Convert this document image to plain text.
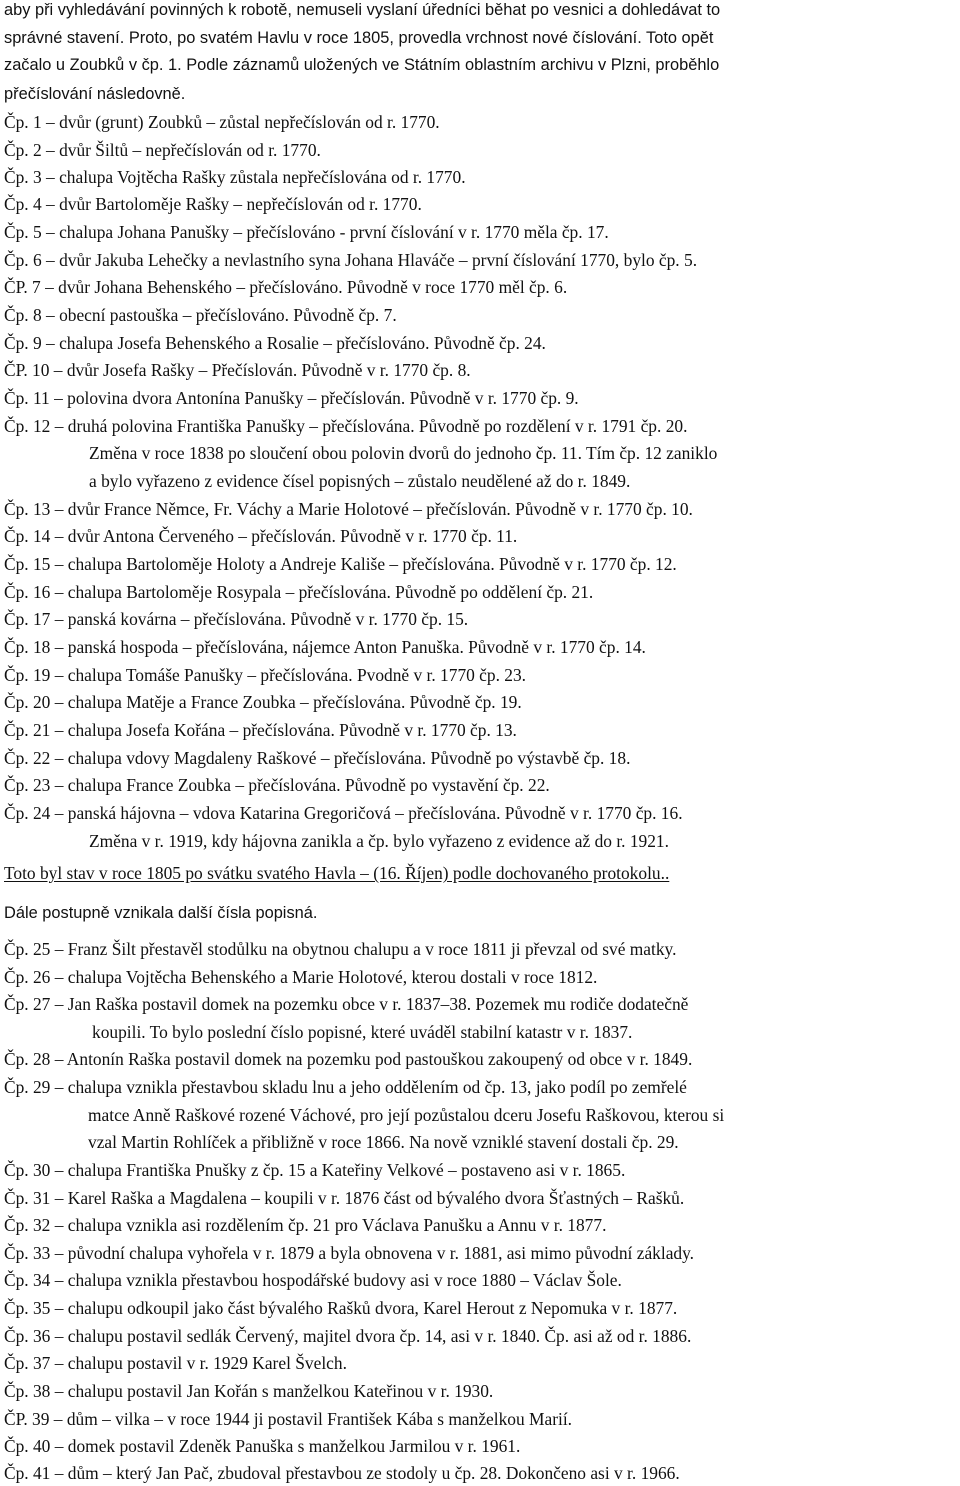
aby při vyhledávání povinných k robotě, nemuseli vyslaní úředníci běhat po vesnici a dohledávat to
správné stavení. Proto, po svatém Havlu v roce 1805, provedla vrchnost nové číslování. Toto opět
začalo u Zoubků v čp. 1. Podle záznamů uložených ve Státním oblastním archivu v Plzni, proběhlo
přečíslování následovně.
Čp. 1 – dvůr (grunt) Zoubků – zůstal nepřečíslován od r. 1770.
Čp. 2 – dvůr Šiltů – nepřečíslován od r. 1770.
Čp. 3 – chalupa Vojtěcha Rašky zůstala nepřečíslována od r. 1770.
Čp. 4 – dvůr Bartoloměje Rašky – nepřečíslován od r. 1770.
Čp. 5 – chalupa Johana Panušky – přečíslováno - první číslování v r. 1770 měla čp. 17.
Čp. 6 – dvůr Jakuba Lehečky a nevlastního syna Johana Hlaváče – první číslování 1770, bylo čp. 5.
ČP. 7 – dvůr Johana Behenského – přečíslováno. Původně v roce 1770 měl čp. 6.
Čp. 8 – obecní pastouška – přečíslováno. Původně čp. 7.
Čp. 9 – chalupa Josefa Behenského a Rosalie – přečíslováno. Původně čp. 24.
ČP. 10 – dvůr Josefa Rašky – Přečíslován. Původně v r. 1770 čp. 8.
Čp. 11 – polovina dvora Antonína Panušky – přečíslován. Původně v r. 1770 čp. 9.
Čp. 12 – druhá polovina Františka Panušky – přečíslována. Původně po rozdělení v r. 1791 čp. 20.
Změna v roce 1838 po sloučení obou polovin dvorů do jednoho čp. 11. Tím čp. 12 zaniklo
a bylo vyřazeno z evidence čísel popisných – zůstalo neudělené až do r. 1849.
Čp. 13 – dvůr France Němce, Fr. Váchy a Marie Holotové – přečíslován. Původně v r. 1770 čp. 10.
Čp. 14 – dvůr Antona Červeného – přečíslován. Původně v r. 1770 čp. 11.
Čp. 15 – chalupa Bartoloměje Holoty a Andreje Kališe – přečíslována. Původně v r. 1770 čp. 12.
Čp. 16 – chalupa Bartoloměje Rosypala – přečíslována. Původně po oddělení čp. 21.
Čp. 17 – panská kovárna – přečíslována. Původně v r. 1770 čp. 15.
Čp. 18 – panská hospoda – přečíslována, nájemce Anton Panuška. Původně v r. 1770 čp. 14.
Čp. 19 – chalupa Tomáše Panušky – přečíslována. Pvodně v r. 1770 čp. 23.
Čp. 20 – chalupa Matěje a France Zoubka – přečíslována. Původně čp. 19.
Čp. 21 – chalupa Josefa Kořána – přečíslována. Původně v r. 1770 čp. 13.
Čp. 22 – chalupa vdovy Magdaleny Raškové – přečíslována. Původně po výstavbě čp. 18.
Čp. 23 – chalupa France Zoubka – přečíslována. Původně po vystavění čp. 22.
Čp. 24 – panská hájovna – vdova Katarina Gregoričová – přečíslována. Původně v r. 1770 čp. 16.
Změna v r. 1919, kdy hájovna zanikla a čp. bylo vyřazeno z evidence až do r. 1921.
Toto byl stav v roce 1805 po svátku svatého Havla – (16. Říjen) podle dochovaného protokolu..
Dále postupně vznikala další čísla popisná.
Čp. 25 – Franz Šilt přestavěl stodůlku na obytnou chalupu a v roce 1811 ji převzal od své matky.
Čp. 26 – chalupa Vojtěcha Behenského a Marie Holotové, kterou dostali v roce 1812.
Čp. 27 – Jan Raška postavil domek na pozemku obce v r. 1837–38. Pozemek mu rodiče dodatečně
koupili. To bylo poslední číslo popisné, které uváděl stabilní katastr v r. 1837.
Čp. 28 – Antonín Raška postavil domek na pozemku pod pastouškou zakoupený od obce v r. 1849.
Čp. 29 – chalupa vznikla přestavbou skladu lnu a jeho oddělením od čp. 13, jako podíl po zemřelé
matce Anně Raškové rozené Váchové, pro její pozůstalou dceru Josefu Raškovou, kterou si
vzal Martin Rohlíček a přibližně v roce 1866. Na nově vzniklé stavení dostali čp. 29.
Čp. 30 – chalupa Františka Pnušky z čp. 15 a Kateřiny Velkové – postaveno asi v r. 1865.
Čp. 31 – Karel Raška a Magdalena – koupili v r. 1876 část od bývalého dvora Šťastných – Rašků.
Čp. 32 – chalupa vznikla asi rozdělením čp. 21 pro Václava Panušku a Annu v r. 1877.
Čp. 33 – původní chalupa vyhořela v r. 1879 a byla obnovena v r. 1881, asi mimo původní základy.
Čp. 34 – chalupa vznikla přestavbou hospodářské budovy asi v roce 1880 – Václav Šole.
Čp. 35 – chalupu odkoupil jako část bývalého Rašků dvora, Karel Herout z Nepomuka v r. 1877.
Čp. 36 – chalupu postavil sedlák Červený, majitel dvora čp. 14, asi v r. 1840. Čp. asi až od r. 1886.
Čp. 37 – chalupu postavil v r. 1929 Karel Švelch.
Čp. 38 – chalupu postavil Jan Kořán s manželkou Kateřinou v r. 1930.
ČP. 39 – dům – vilka – v roce 1944 ji postavil František Kába s manželkou Marií.
Čp. 40 – domek postavil Zdeněk Panuška s manželkou Jarmilou v r. 1961.
Čp. 41 – dům – který Jan Pač, zbudoval přestavbou ze stodoly u čp. 28. Dokončeno asi v r. 1966.
